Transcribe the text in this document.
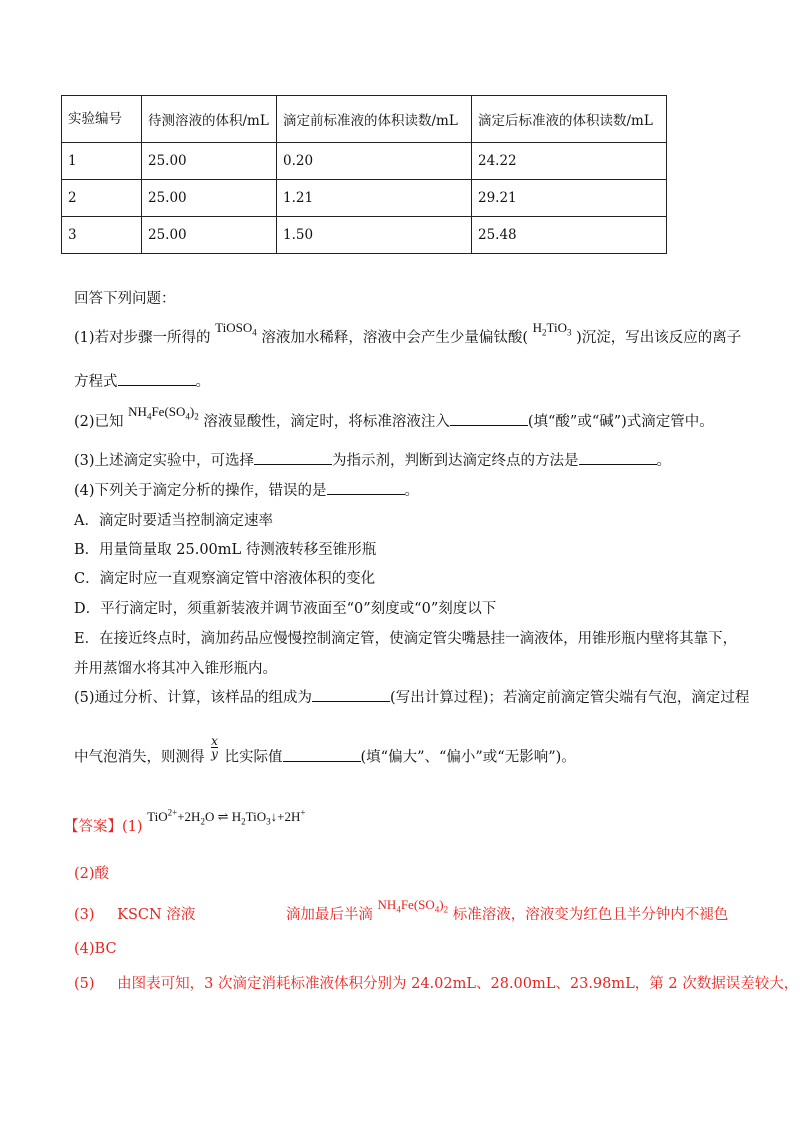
实验编号	待测溶液的体积/mL	滴定前标准液的体积读数/mL	滴定后标准液的体积读数/mL
1	25.00	0.20	24.22
2	25.00	1.21	29.21
3	25.00	1.50	25.48
回答下列问题：
(1)若对步骤一所得的 TiOSO$_4$ 溶液加水稀释，溶液中会产生少量偏钛酸( $H_2TiO_3$ )沉淀，写出该反应的离子
方程式	。
(2)已知 $NH_4Fe(SO_4)_2$ 溶液显酸性，滴定时，将标准溶液注入	(填“酸”或“碱”)式滴定管中。
(3)上述滴定实验中，可选择	为指示剂，判断到达滴定终点的方法是	。
(4)下列关于滴定分析的操作，错误的是	。
A．滴定时要适当控制滴定速率
B．用量筒量取 25.00mL 待测液转移至锥形瓶
C．滴定时应一直观察滴定管中溶液体积的变化
D．平行滴定时，须重新装液并调节液面至“0”刻度或“0”刻度以下
E．在接近终点时，滴加药品应慢慢控制滴定管，使滴定管尖嘴悬挂一滴液体，用锥形瓶内壁将其靠下，
并用蒸馏水将其冲入锥形瓶内。
(5)通过分析、计算，该样品的组成为	(写出计算过程)；若滴定前滴定管尖端有气泡，滴定过程
中气泡消失，则测得 $\frac{x}{y}$ 比实际值	(填“偏大”、“偏小”或“无影响”)。
【答案】(1) $TiO^{2+}+2H_2O$ ⇌ $H_2TiO_3↓+2H^+$
(2)酸
(3) KSCN 溶液	滴加最后半滴 $NH_4Fe(SO_4)_2$ 标准溶液，溶液变为红色且半分钟内不褪色
(4)BC
(5) 由图表可知，3 次滴定消耗标准液体积分别为 24.02mL、28.00mL、23.98mL，第 2 次数据误差较大，
